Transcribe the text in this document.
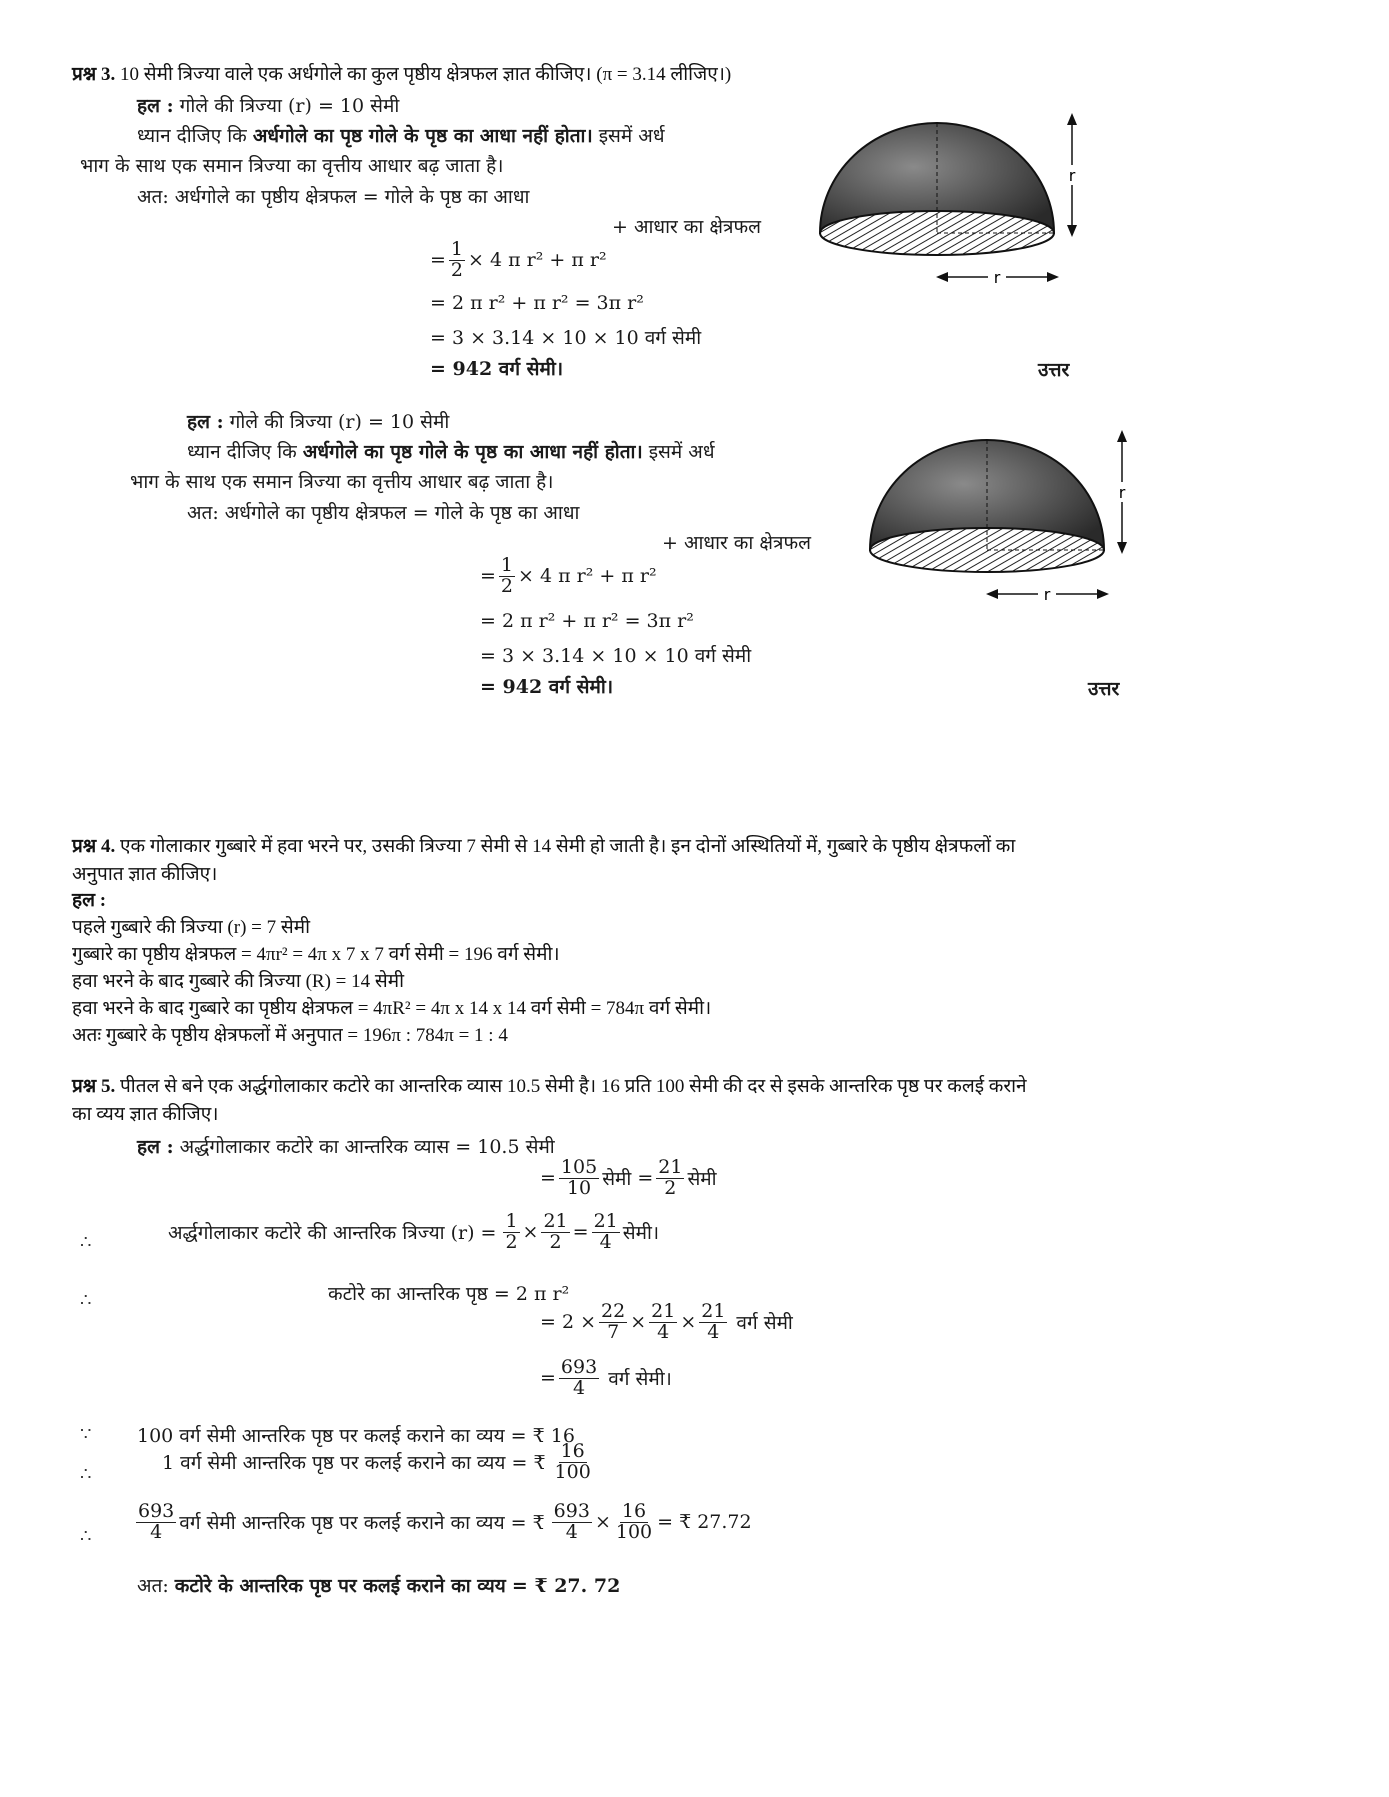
प्रश्न 3. 10 सेमी त्रिज्या वाले एक अर्धगोले का कुल पृष्ठीय क्षेत्रफल ज्ञात कीजिए। (π = 3.14 लीजिए।)
हल : गोले की त्रिज्या (r) = 10 सेमी
ध्यान दीजिए कि अर्धगोले का पृष्ठ गोले के पृष्ठ का आधा नहीं होता। इसमें अर्ध
भाग के साथ एक समान त्रिज्या का वृत्तीय आधार बढ़ जाता है।
अत: अर्धगोले का पृष्ठीय क्षेत्रफल = गोले के पृष्ठ का आधा
+ आधार का क्षेत्रफल
= $\frac{1}{2} \times 4$ π r² + π r²
= 2 π r² + π r² = 3π r²
= 3 × 3.14 × 10 × 10 वर्ग सेमी
= 942 वर्ग सेमी।	उत्तर
r
r
हल : गोले की त्रिज्या (r) = 10 सेमी
ध्यान दीजिए कि अर्धगोले का पृष्ठ गोले के पृष्ठ का आधा नहीं होता। इसमें अर्ध
भाग के साथ एक समान त्रिज्या का वृत्तीय आधार बढ़ जाता है।
अत: अर्धगोले का पृष्ठीय क्षेत्रफल = गोले के पृष्ठ का आधा
+ आधार का क्षेत्रफल
= $\frac{1}{2} \times 4$ π r² + π r²
= 2 π r² + π r² = 3π r²
= 3 × 3.14 × 10 × 10 वर्ग सेमी
= 942 वर्ग सेमी।	उत्तर
r
r
प्रश्न 4. एक गोलाकार गुब्बारे में हवा भरने पर, उसकी त्रिज्या 7 सेमी से 14 सेमी हो जाती है। इन दोनों अस्थितियों में, गुब्बारे के पृष्ठीय क्षेत्रफलों का
अनुपात ज्ञात कीजिए।
हल :
पहले गुब्बारे की त्रिज्या (r) = 7 सेमी
गुब्बारे का पृष्ठीय क्षेत्रफल = 4πr² = 4π x 7 x 7 वर्ग सेमी = 196 वर्ग सेमी।
हवा भरने के बाद गुब्बारे की त्रिज्या (R) = 14 सेमी
हवा भरने के बाद गुब्बारे का पृष्ठीय क्षेत्रफल = 4πR² = 4π x 14 x 14 वर्ग सेमी = 784π वर्ग सेमी।
अतः गुब्बारे के पृष्ठीय क्षेत्रफलों में अनुपात = 196π : 784π = 1 : 4
प्रश्न 5. पीतल से बने एक अर्द्धगोलाकार कटोरे का आन्तरिक व्यास 10.5 सेमी है। 16 प्रति 100 सेमी की दर से इसके आन्तरिक पृष्ठ पर कलई कराने
का व्यय ज्ञात कीजिए।
हल : अर्द्धगोलाकार कटोरे का आन्तरिक व्यास = 10.5 सेमी
= $\frac{105}{10}$ सेमी = $\frac{21}{2}$ सेमी
∴	अर्द्धगोलाकार कटोरे की आन्तरिक त्रिज्या $(r) = \frac{1}{2} \times \frac{21}{2} = \frac{21}{4}$ सेमी।
∴	कटोरे का आन्तरिक पृष्ठ = 2 π r²
= $2 \times \frac{22}{7} \times \frac{21}{4} \times \frac{21}{4}$ वर्ग सेमी
= $\frac{693}{4}$ वर्ग सेमी।
∵ 100 वर्ग सेमी आन्तरिक पृष्ठ पर कलई कराने का व्यय = ₹ 16
∴
1 वर्ग सेमी आन्तरिक पृष्ठ पर कलई कराने का व्यय = ₹ $\frac{16}{100}$
∴ $\frac{693}{4}$ वर्ग सेमी आन्तरिक पृष्ठ पर कलई कराने का व्यय = ₹ $\frac{693}{4} \times \frac{16}{100}$ = ₹ 27.72
अत: कटोरे के आन्तरिक पृष्ठ पर कलई कराने का व्यय = ₹ 27. 72
